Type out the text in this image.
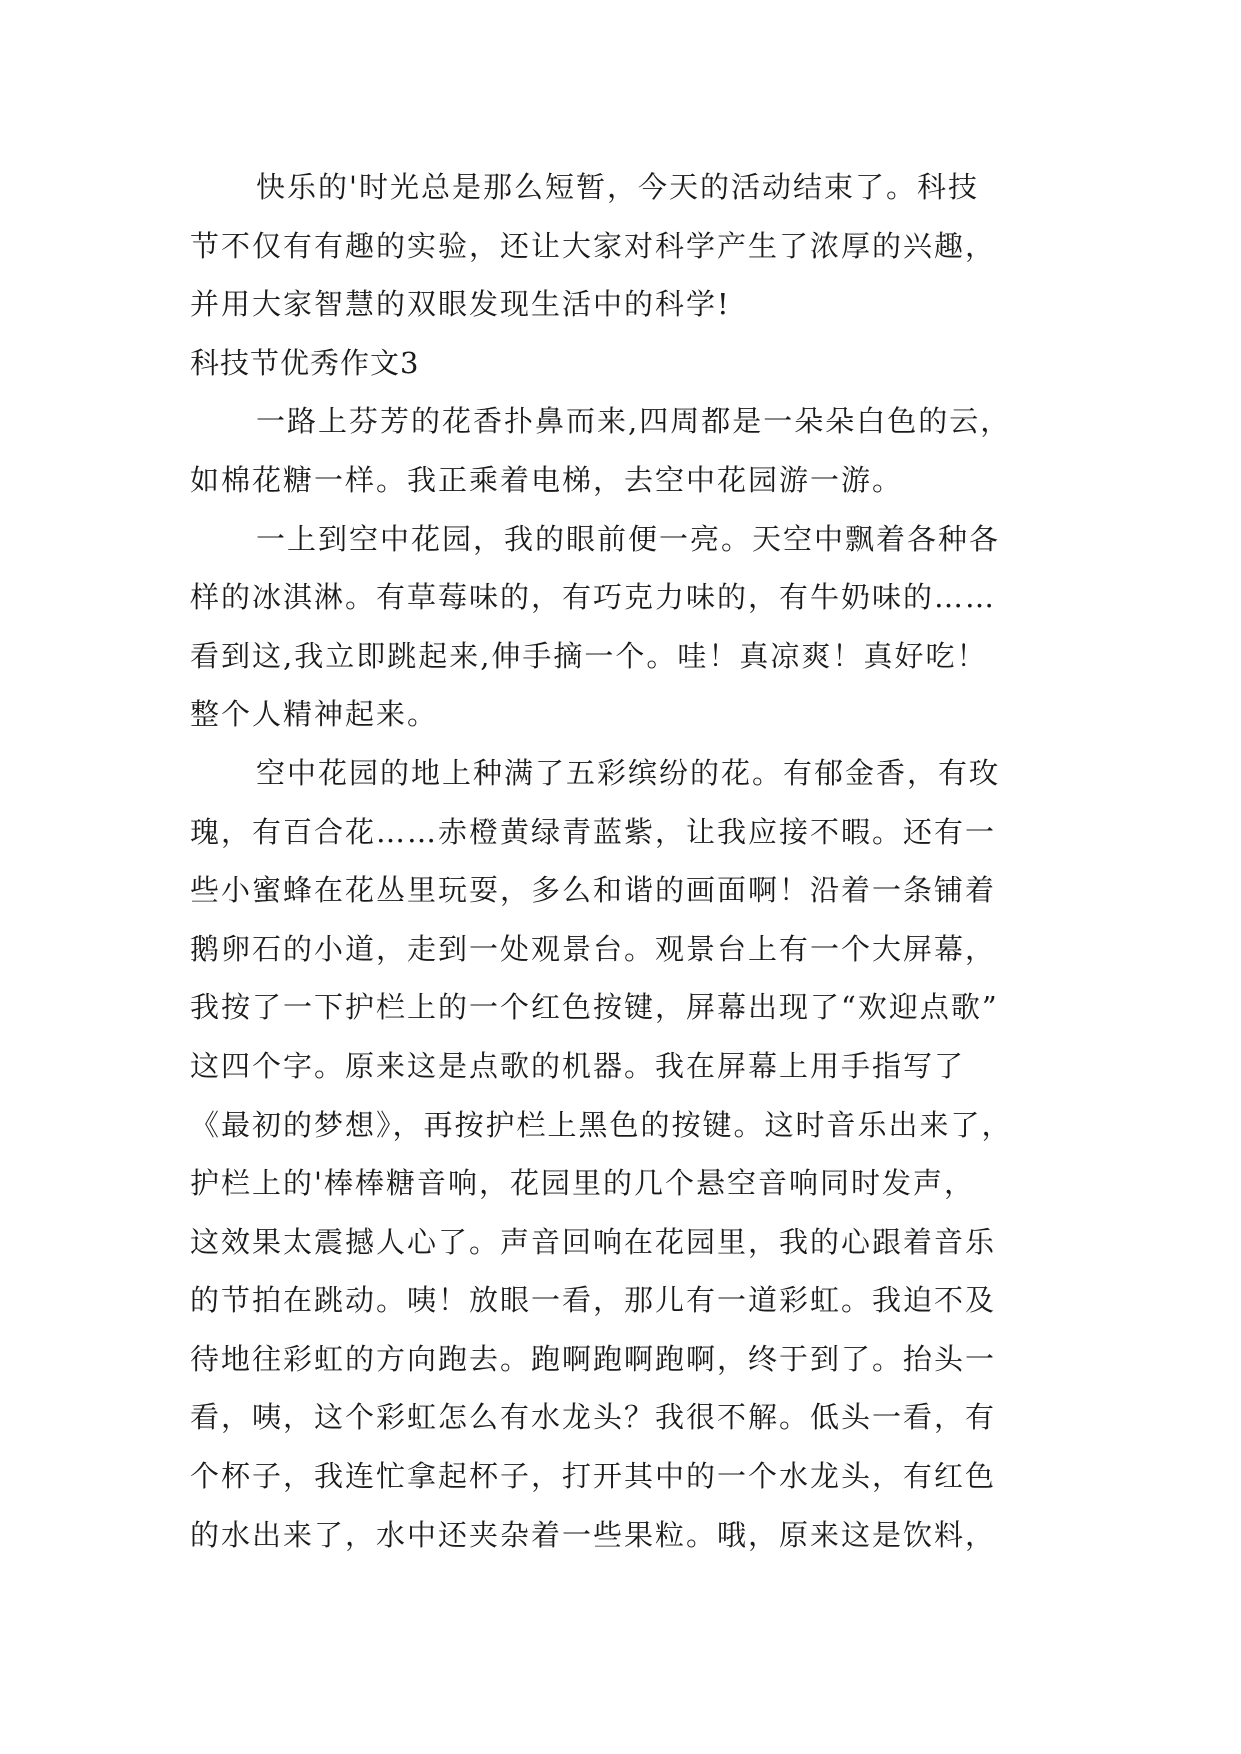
快乐的'时光总是那么短暂，今天的活动结束了。科技
节不仅有有趣的实验，还让大家对科学产生了浓厚的兴趣，
并用大家智慧的双眼发现生活中的科学!
科技节优秀作文3
一路上芬芳的花香扑鼻而来,四周都是一朵朵白色的云，
如棉花糖一样。我正乘着电梯，去空中花园游一游。
一上到空中花园，我的眼前便一亮。天空中飘着各种各
样的冰淇淋。有草莓味的，有巧克力味的，有牛奶味的……
看到这,我立即跳起来,伸手摘一个。哇！真凉爽！真好吃！
整个人精神起来。
空中花园的地上种满了五彩缤纷的花。有郁金香，有玫
瑰，有百合花……赤橙黄绿青蓝紫，让我应接不暇。还有一
些小蜜蜂在花丛里玩耍，多么和谐的画面啊！沿着一条铺着
鹅卵石的小道，走到一处观景台。观景台上有一个大屏幕，
我按了一下护栏上的一个红色按键，屏幕出现了“欢迎点歌”
这四个字。原来这是点歌的机器。我在屏幕上用手指写了
《最初的梦想》，再按护栏上黑色的按键。这时音乐出来了，
护栏上的'棒棒糖音响，花园里的几个悬空音响同时发声，
这效果太震撼人心了。声音回响在花园里，我的心跟着音乐
的节拍在跳动。咦！放眼一看，那儿有一道彩虹。我迫不及
待地往彩虹的方向跑去。跑啊跑啊跑啊，终于到了。抬头一
看，咦，这个彩虹怎么有水龙头？我很不解。低头一看，有
个杯子，我连忙拿起杯子，打开其中的一个水龙头，有红色
的水出来了，水中还夹杂着一些果粒。哦，原来这是饮料，
